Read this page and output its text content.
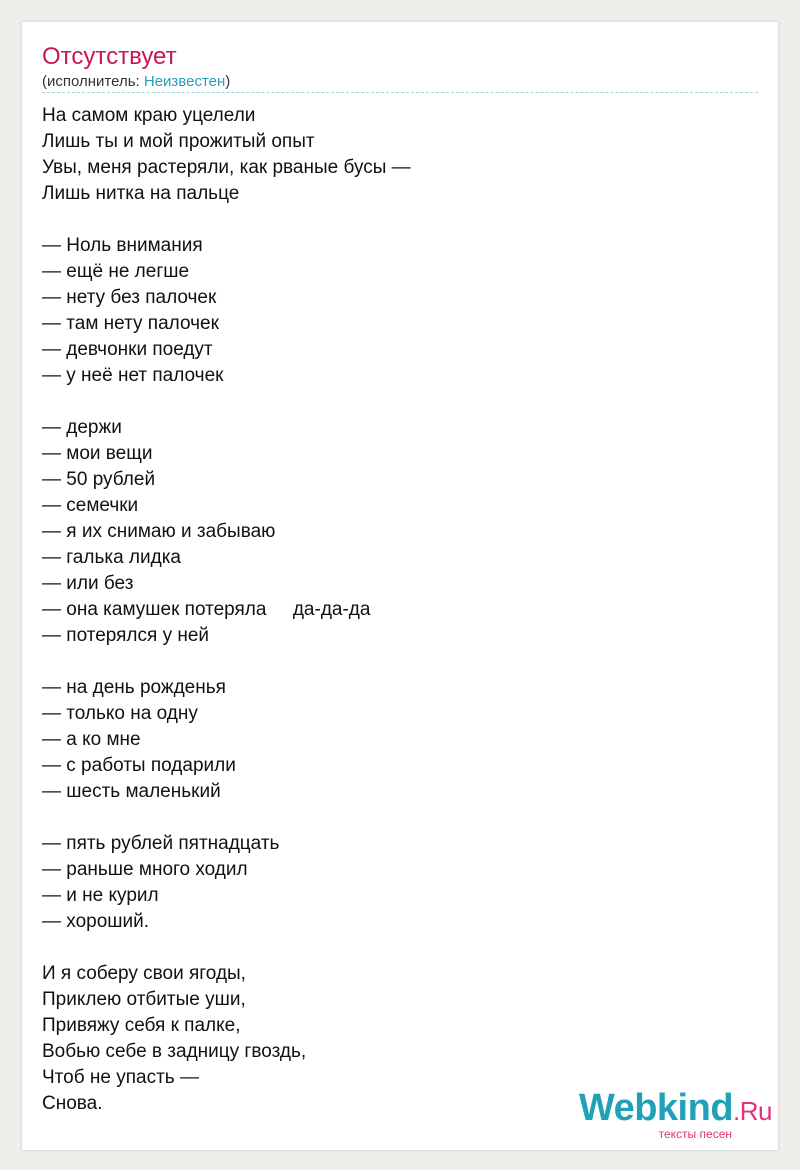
Отсутствует
(исполнитель: Неизвестен)
На самом краю уцелели
Лишь ты и мой прожитый опыт
Увы, меня растеряли, как рваные бусы —
Лишь нитка на пальце
— Ноль внимания
— ещё не легше
— нету без палочек
— там нету палочек
— девчонки поедут
— у неё нет палочек
— держи
— мои вещи
— 50 рублей
— семечки
— я их снимаю и забываю
— галька лидка
— или без
— она камушек потеряла     да-да-да
— потерялся у ней
— на день рожденья
— только на одну
— а ко мне
— с работы подарили
— шесть маленький
— пять рублей пятнадцать
— раньше много ходил
— и не курил
— хороший.
И я соберу свои ягоды,
Приклею отбитые уши,
Привяжу себя к палке,
Вобью себе в задницу гвоздь,
Чтоб не упасть —
Снова.	Webkind.Ru
тексты песен
